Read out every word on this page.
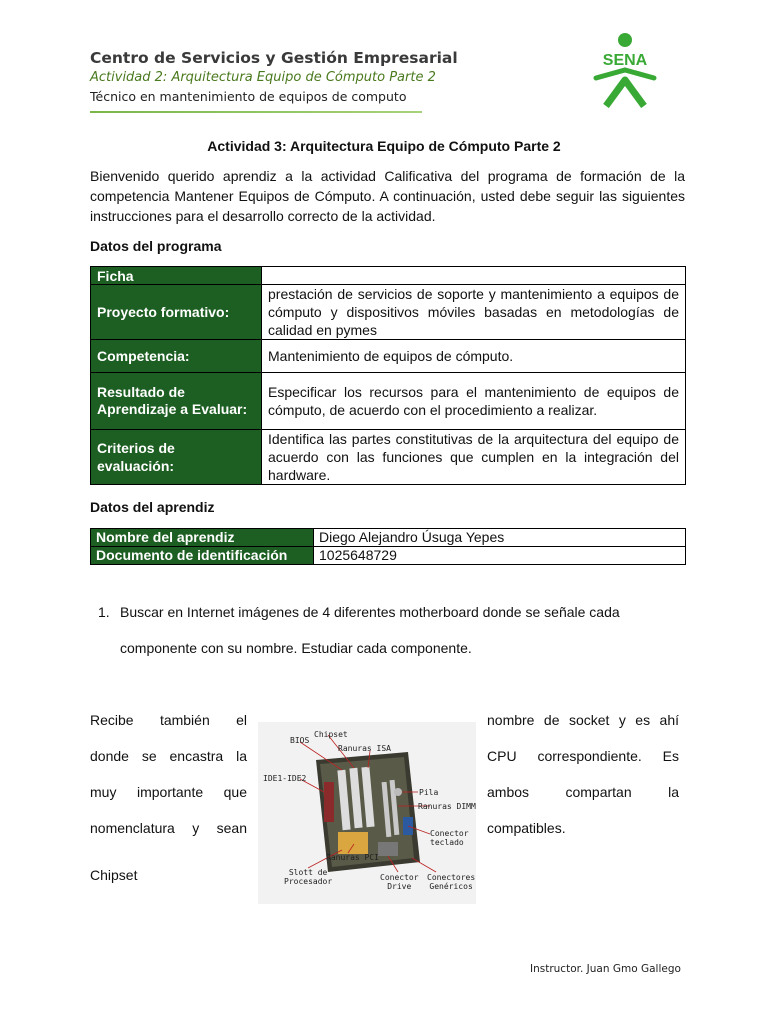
Centro de Servicios y Gestión Empresarial
Actividad 2: Arquitectura Equipo de Cómputo Parte 2
Técnico en mantenimiento de equipos de computo
SENA
Actividad 3: Arquitectura Equipo de Cómputo Parte 2
Bienvenido querido aprendiz a la actividad Calificativa del programa de formación de la competencia Mantener Equipos de Cómputo. A continuación, usted debe seguir las siguientes instrucciones para el desarrollo correcto de la actividad.
Datos del programa
Ficha	
Proyecto formativo:	prestación de servicios de soporte y mantenimiento a equipos de cómputo y dispositivos móviles basadas en metodologías de calidad en pymes
Competencia:	Mantenimiento de equipos de cómputo.
Resultado de Aprendizaje a Evaluar:	Especificar los recursos para el mantenimiento de equipos de cómputo, de acuerdo con el procedimiento a realizar.
Criterios de evaluación:	Identifica las partes constitutivas de la arquitectura del equipo de acuerdo con las funciones que cumplen en la integración del hardware.
Datos del aprendiz
Nombre del aprendiz	Diego Alejandro Úsuga Yepes
Documento de identificación	1025648729
1. Buscar en Internet imágenes de 4 diferentes motherboard donde se señale cada componente con su nombre. Estudiar cada componente.
Recibe también el
donde se encastra la
muy importante que
nomenclatura y sean
nombre de socket y es ahí
CPU correspondiente. Es
ambos compartan la
compatibles.
Chipset
BIOS
Chipset
Ranuras ISA
IDE1-IDE2
Pila
Ranuras DIMM
Conector
teclado
Ranuras PCI
Slott de
Procesador	Conector
Drive
Conectores
Genéricos
Instructor. Juan Gmo Gallego
